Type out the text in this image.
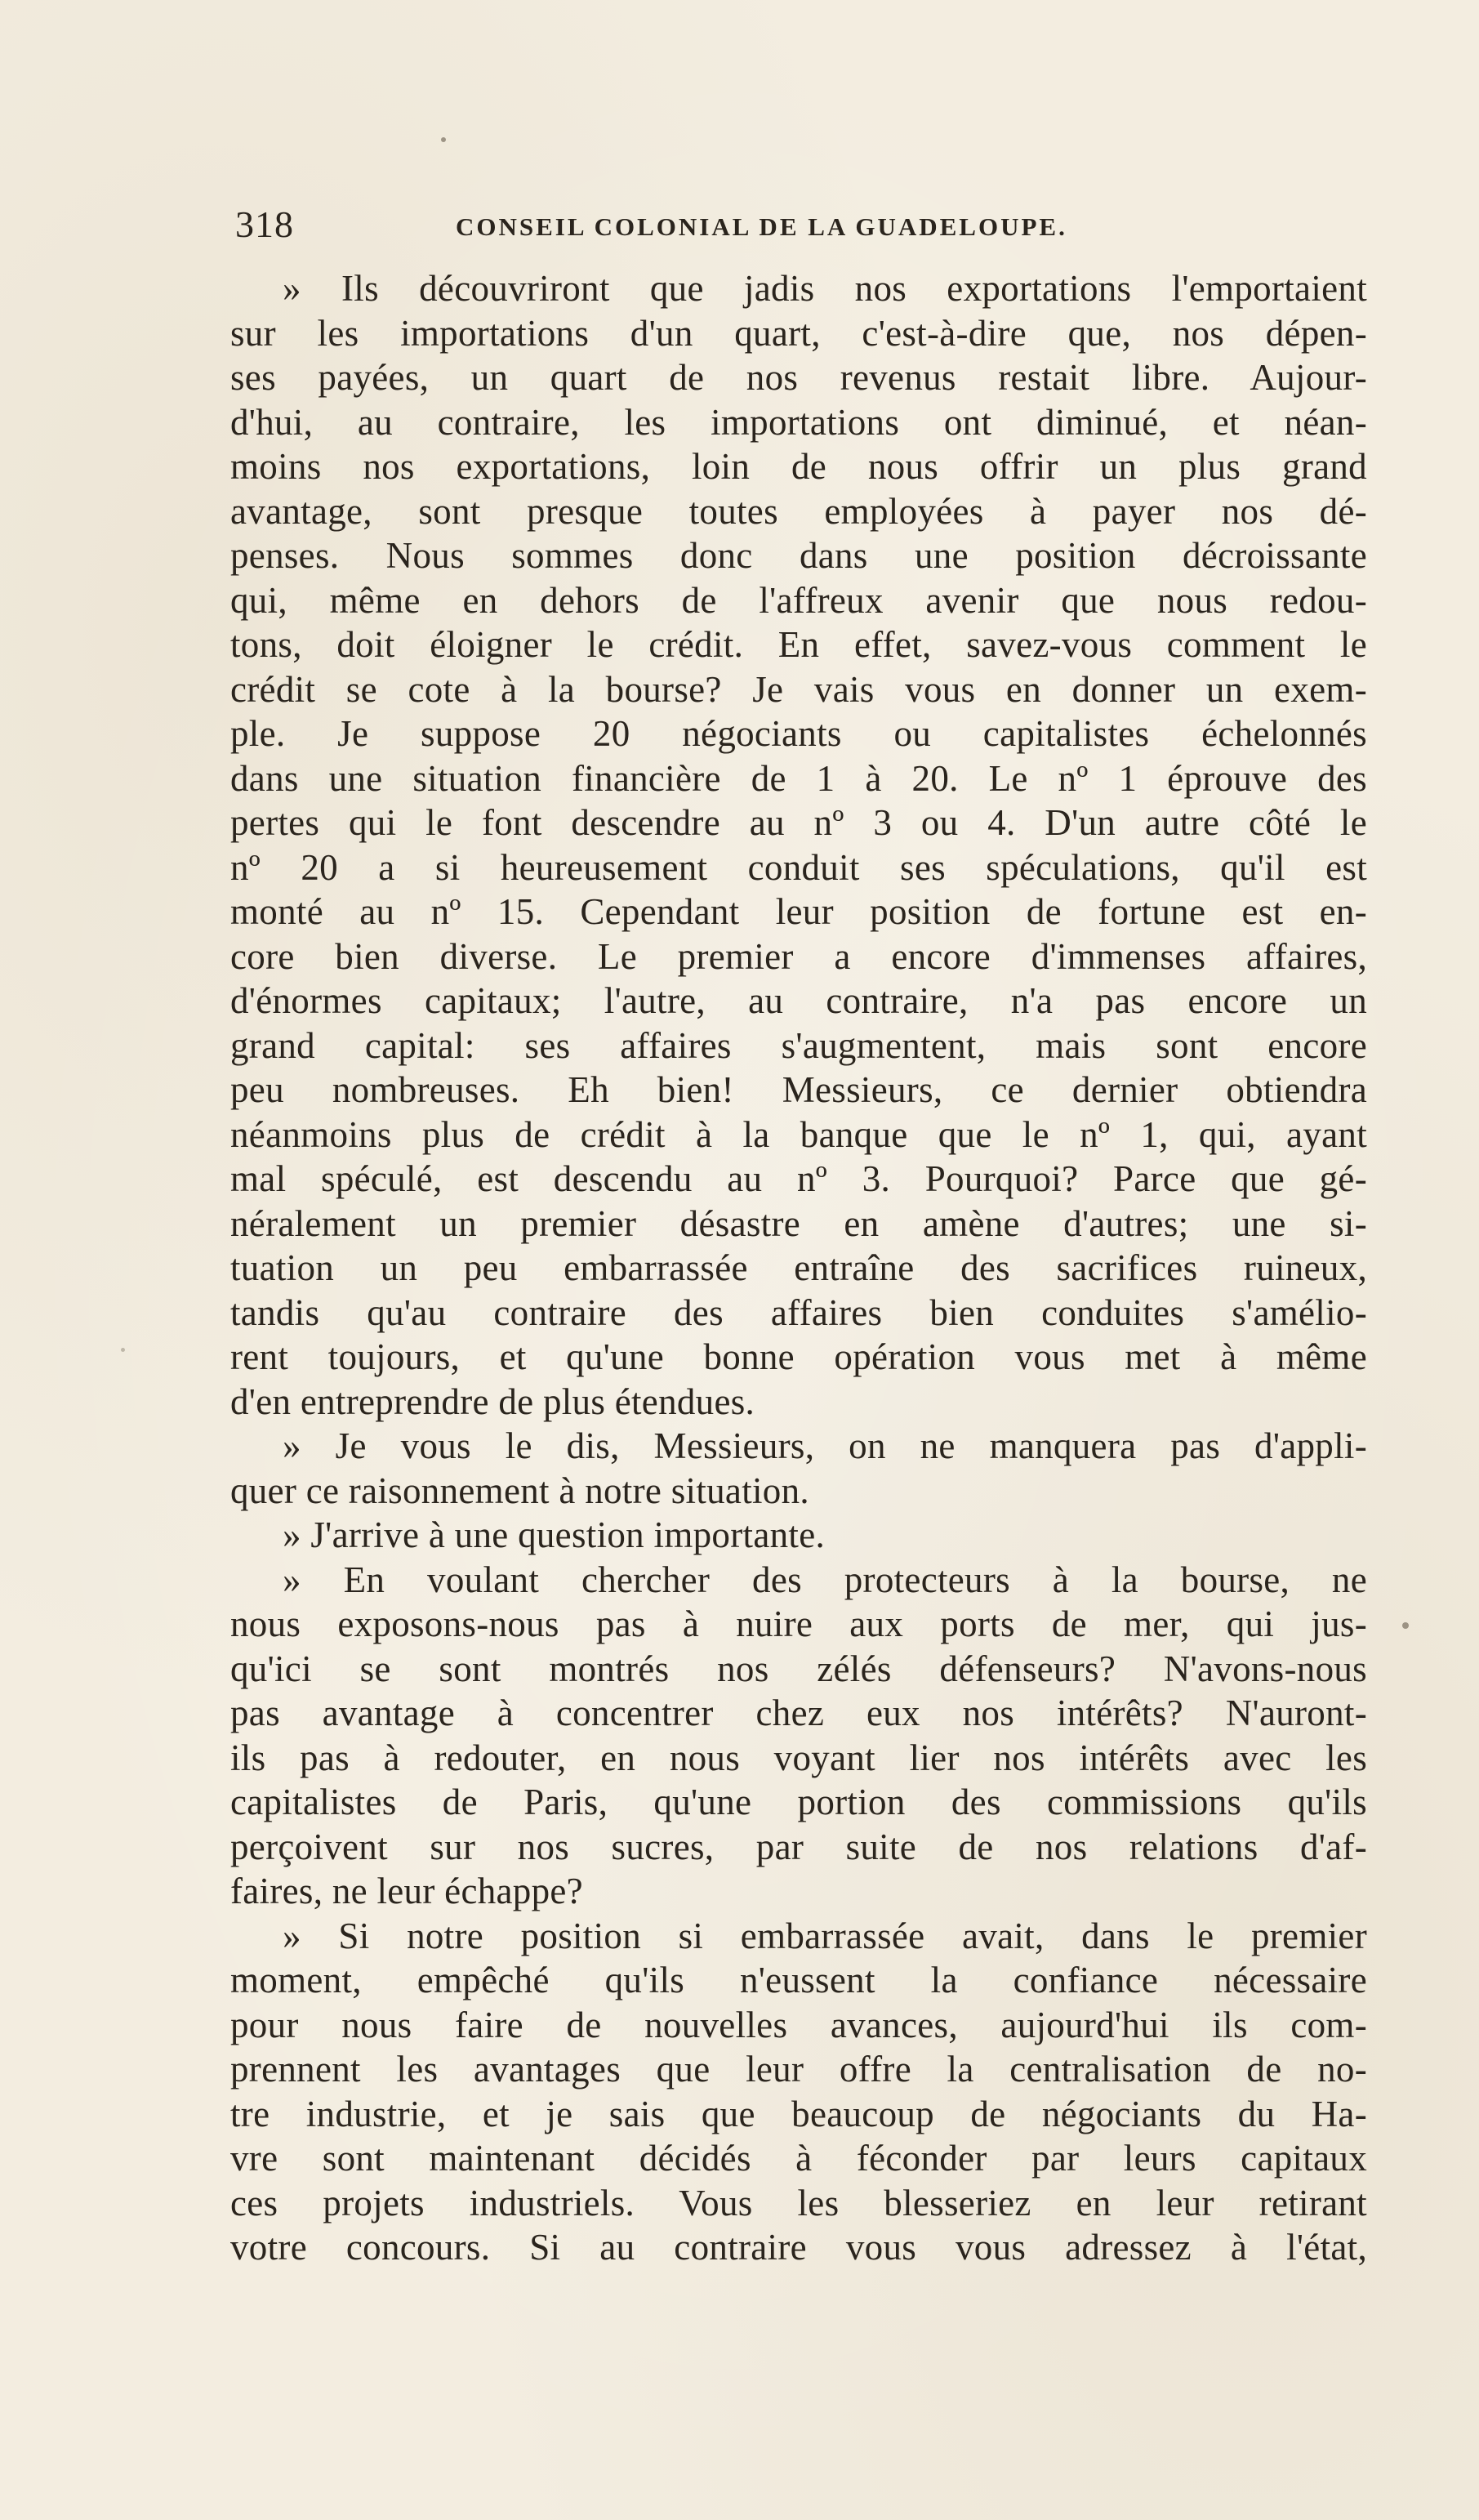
318	CONSEIL COLONIAL DE LA GUADELOUPE.
» Ils découvriront que jadis nos exportations l'emportaient
sur les importations d'un quart, c'est-à-dire que, nos dépen-
ses payées, un quart de nos revenus restait libre. Aujour-
d'hui, au contraire, les importations ont diminué, et néan-
moins nos exportations, loin de nous offrir un plus grand
avantage, sont presque toutes employées à payer nos dé-
penses. Nous sommes donc dans une position décroissante
qui, même en dehors de l'affreux avenir que nous redou-
tons, doit éloigner le crédit. En effet, savez-vous comment le
crédit se cote à la bourse? Je vais vous en donner un exem-
ple. Je suppose 20 négociants ou capitalistes échelonnés
dans une situation financière de 1 à 20. Le nº 1 éprouve des
pertes qui le font descendre au nº 3 ou 4. D'un autre côté le
nº 20 a si heureusement conduit ses spéculations, qu'il est
monté au nº 15. Cependant leur position de fortune est en-
core bien diverse. Le premier a encore d'immenses affaires,
d'énormes capitaux; l'autre, au contraire, n'a pas encore un
grand capital: ses affaires s'augmentent, mais sont encore
peu nombreuses. Eh bien! Messieurs, ce dernier obtiendra
néanmoins plus de crédit à la banque que le nº 1, qui, ayant
mal spéculé, est descendu au nº 3. Pourquoi? Parce que gé-
néralement un premier désastre en amène d'autres; une si-
tuation un peu embarrassée entraîne des sacrifices ruineux,
tandis qu'au contraire des affaires bien conduites s'amélio-
rent toujours, et qu'une bonne opération vous met à même
d'en entreprendre de plus étendues.
» Je vous le dis, Messieurs, on ne manquera pas d'appli-
quer ce raisonnement à notre situation.
» J'arrive à une question importante.
» En voulant chercher des protecteurs à la bourse, ne
nous exposons-nous pas à nuire aux ports de mer, qui jus-
qu'ici se sont montrés nos zélés défenseurs? N'avons-nous
pas avantage à concentrer chez eux nos intérêts? N'auront-
ils pas à redouter, en nous voyant lier nos intérêts avec les
capitalistes de Paris, qu'une portion des commissions qu'ils
perçoivent sur nos sucres, par suite de nos relations d'af-
faires, ne leur échappe?
» Si notre position si embarrassée avait, dans le premier
moment, empêché qu'ils n'eussent la confiance nécessaire
pour nous faire de nouvelles avances, aujourd'hui ils com-
prennent les avantages que leur offre la centralisation de no-
tre industrie, et je sais que beaucoup de négociants du Ha-
vre sont maintenant décidés à féconder par leurs capitaux
ces projets industriels. Vous les blesseriez en leur retirant
votre concours. Si au contraire vous vous adressez à l'état,
